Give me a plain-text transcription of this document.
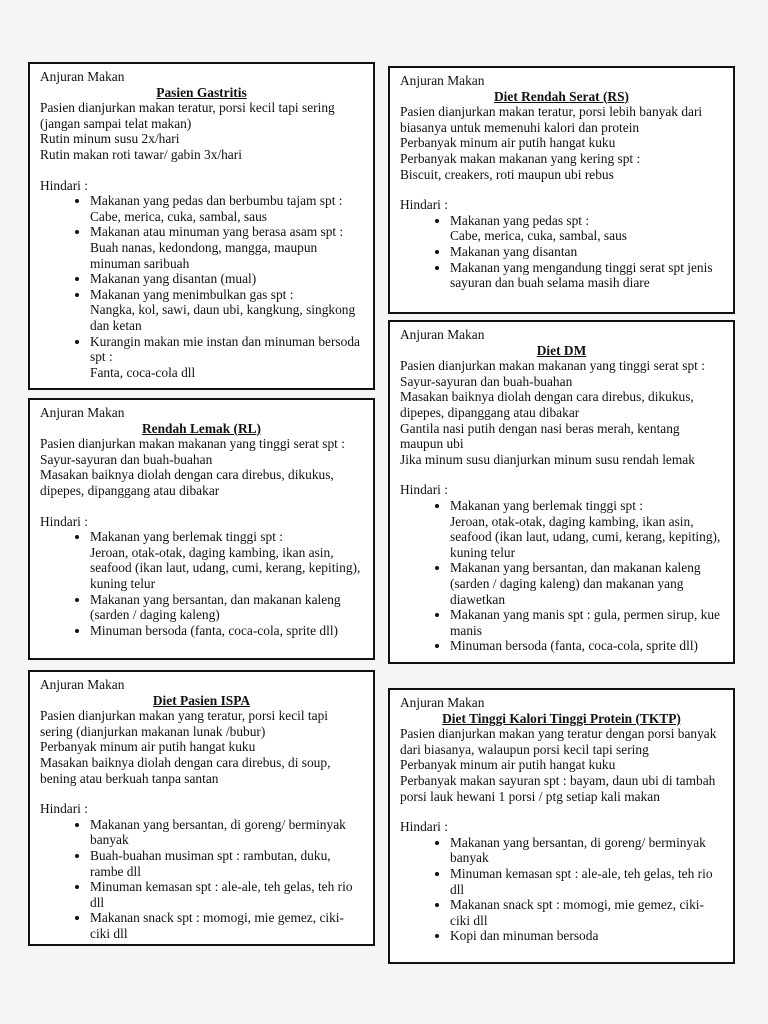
Anjuran Makan
Pasien Gastritis
Pasien dianjurkan makan teratur, porsi kecil tapi sering
(jangan sampai telat makan)
Rutin minum susu 2x/hari
Rutin makan roti tawar/ gabin 3x/hari
Hindari :
• Makanan yang pedas dan berbumbu tajam spt :
Cabe, merica, cuka, sambal, saus
• Makanan atau minuman yang berasa asam spt :
Buah nanas, kedondong, mangga, maupun minuman saribuah
• Makanan yang disantan (mual)
• Makanan yang menimbulkan gas spt :
Nangka, kol, sawi, daun ubi, kangkung, singkong dan ketan
• Kurangin makan mie instan dan minuman bersoda spt :
Fanta, coca-cola dll
Anjuran Makan
Diet Rendah Serat (RS)
Pasien dianjurkan makan teratur, porsi lebih banyak dari biasanya untuk memenuhi kalori dan protein
Perbanyak minum air putih hangat kuku
Perbanyak makan makanan yang kering spt :
Biscuit, creakers, roti maupun ubi rebus
Hindari :
• Makanan yang pedas spt :
Cabe, merica, cuka, sambal, saus
• Makanan yang disantan
• Makanan yang mengandung tinggi serat spt jenis sayuran dan buah selama masih diare
Anjuran Makan
Rendah Lemak (RL)
Pasien dianjurkan makan makanan yang tinggi serat spt :
Sayur-sayuran dan buah-buahan
Masakan baiknya diolah dengan cara direbus, dikukus, dipepes, dipanggang atau dibakar
Hindari :
• Makanan yang berlemak tinggi spt :
Jeroan, otak-otak, daging kambing, ikan asin, seafood (ikan laut, udang, cumi, kerang, kepiting), kuning telur
• Makanan yang bersantan, dan makanan kaleng (sarden / daging kaleng)
• Minuman bersoda (fanta, coca-cola, sprite dll)
Anjuran Makan
Diet DM
Pasien dianjurkan makan makanan yang tinggi serat spt :
Sayur-sayuran dan buah-buahan
Masakan baiknya diolah dengan cara direbus, dikukus, dipepes, dipanggang atau dibakar
Gantila nasi putih dengan nasi beras merah, kentang maupun ubi
Jika minum susu dianjurkan minum susu rendah lemak
Hindari :
• Makanan yang berlemak tinggi spt :
Jeroan, otak-otak, daging kambing, ikan asin, seafood (ikan laut, udang, cumi, kerang, kepiting), kuning telur
• Makanan yang bersantan, dan makanan kaleng (sarden / daging kaleng) dan makanan yang diawetkan
• Makanan yang manis spt : gula, permen sirup, kue manis
• Minuman bersoda (fanta, coca-cola, sprite dll)
Anjuran Makan
Diet Pasien ISPA
Pasien dianjurkan makan yang teratur, porsi kecil tapi sering (dianjurkan makanan lunak /bubur)
Perbanyak minum air putih hangat kuku
Masakan baiknya diolah dengan cara direbus, di soup, bening atau berkuah tanpa santan
Hindari :
• Makanan yang bersantan, di goreng/ berminyak banyak
• Buah-buahan musiman spt : rambutan, duku, rambe dll
• Minuman kemasan spt : ale-ale, teh gelas, teh rio dll
• Makanan snack spt : momogi, mie gemez, ciki-ciki dll
Anjuran Makan
Diet Tinggi Kalori Tinggi Protein (TKTP)
Pasien dianjurkan makan yang teratur dengan porsi banyak dari biasanya, walaupun porsi kecil tapi sering
Perbanyak minum air putih hangat kuku
Perbanyak makan sayuran spt : bayam, daun ubi di tambah porsi lauk hewani 1 porsi / ptg setiap kali makan
Hindari :
• Makanan yang bersantan, di goreng/ berminyak banyak
• Minuman kemasan spt : ale-ale, teh gelas, teh rio dll
• Makanan snack spt : momogi, mie gemez, ciki-ciki dll
• Kopi dan minuman bersoda
